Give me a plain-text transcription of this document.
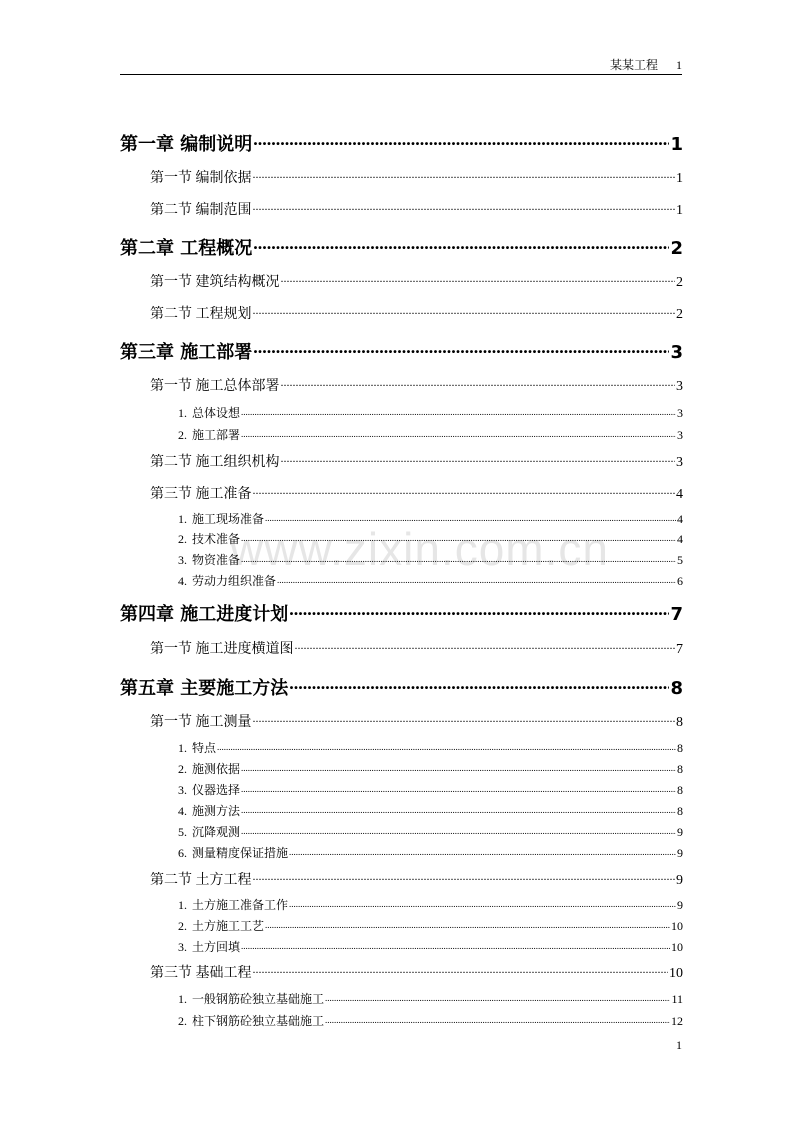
某某工程 1
www.zixin.com.cn
第一章 编制说明 .....	1
第一节 编制依据 .....	1
第二节 编制范围 .....	1
第二章 工程概况 .....	2
第一节 建筑结构概况 .....	2
第二节 工程规划 .....	2
第三章 施工部署 .....	3
第一节 施工总体部署 .....	3
1. 总体设想 .....	3
2. 施工部署 .....	3
第二节 施工组织机构 .....	3
第三节 施工准备 .....	4
1. 施工现场准备 .....	4
2. 技术准备 .....	4
3. 物资准备 .....	5
4. 劳动力组织准备 .....	6
第四章 施工进度计划 .....	7
第一节 施工进度横道图 .....	7
第五章 主要施工方法 .....	8
第一节 施工测量 .....	8
1. 特点 .....	8
2. 施测依据 .....	8
3. 仪器选择 .....	8
4. 施测方法 .....	8
5. 沉降观测 .....	9
6. 测量精度保证措施 .....	9
第二节 土方工程 .....	9
1. 土方施工准备工作 .....	9
2. 土方施工工艺 .....	10
3. 土方回填 .....	10
第三节 基础工程 .....	10
1. 一般钢筋砼独立基础施工 .....	11
2. 柱下钢筋砼独立基础施工 .....	12
1
